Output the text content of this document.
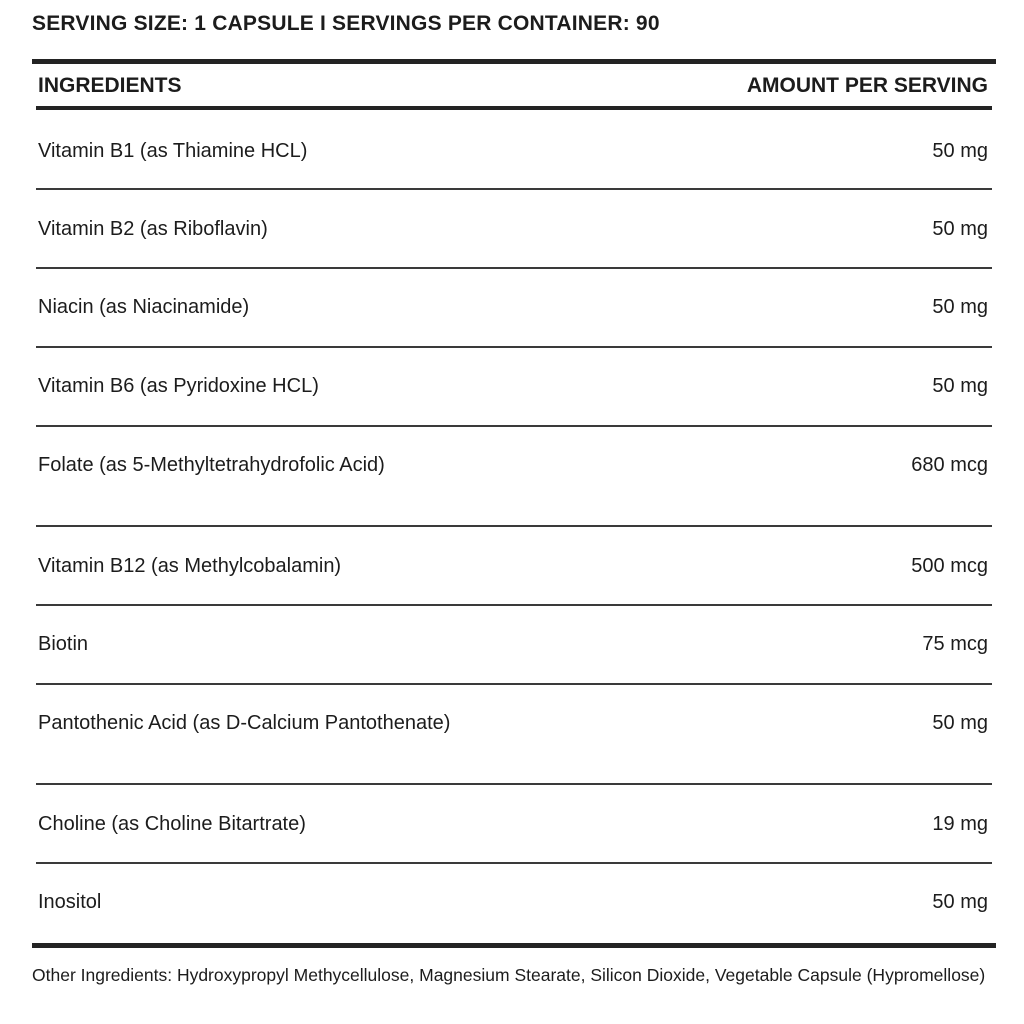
SERVING SIZE: 1 CAPSULE I SERVINGS PER CONTAINER: 90
INGREDIENTS	AMOUNT PER SERVING
Vitamin B1 (as Thiamine HCL)	50 mg
Vitamin B2 (as Riboflavin)	50 mg
Niacin (as Niacinamide)	50 mg
Vitamin B6 (as Pyridoxine HCL)	50 mg
Folate (as 5-Methyltetrahydrofolic Acid)	680 mcg
Vitamin B12 (as Methylcobalamin)	500 mcg
Biotin	75 mcg
Pantothenic Acid (as D-Calcium Pantothenate)	50 mg
Choline (as Choline Bitartrate)	19 mg
Inositol	50 mg
Other Ingredients: Hydroxypropyl Methycellulose, Magnesium Stearate, Silicon Dioxide, Vegetable Capsule (Hypromellose)
